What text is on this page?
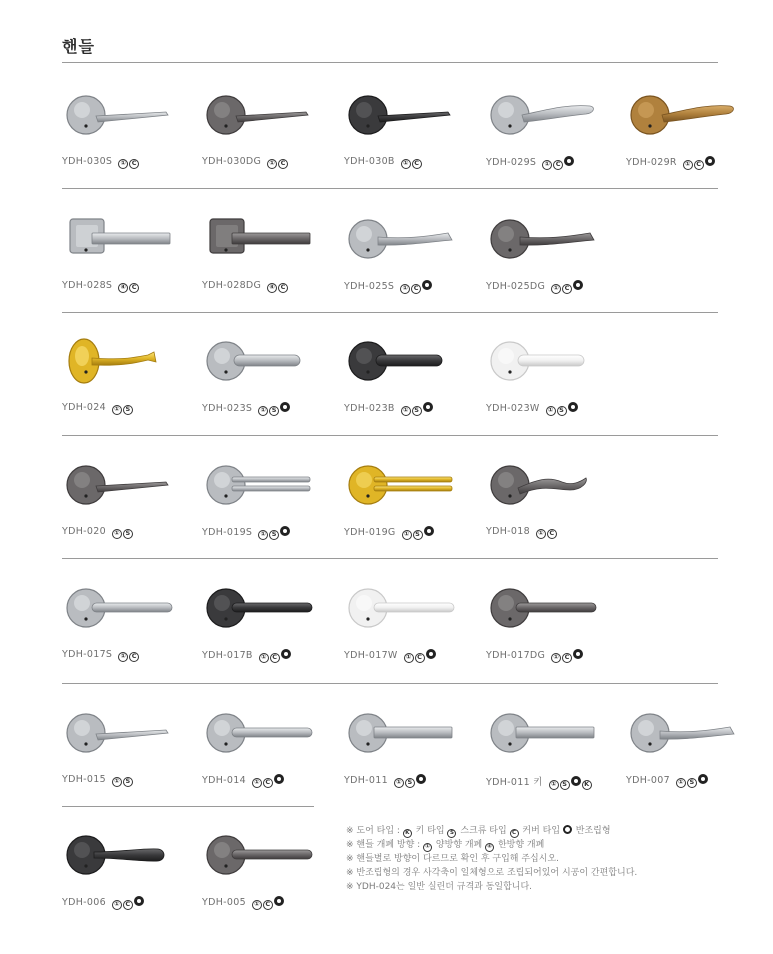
핸들
YDH-030S ① C	YDH-030DG ① C	YDH-030B ① C	YDH-029S ① C	YDH-029R ① C
YDH-028S ④ C	YDH-028DG ④ C	YDH-025S ① C	YDH-025DG ① C
YDH-024 ① S	YDH-023S ① S	YDH-023B ① S	YDH-023W ① S
YDH-020 ① S	YDH-019S ① S	YDH-019G ① S	YDH-018 ① C
YDH-017S ① C	YDH-017B ① C	YDH-017W ① C	YDH-017DG ① C
YDH-015 ① S	YDH-014 ① C	YDH-011 ① S	YDH-011 키 ① S	K	YDH-007 ① S
YDH-006 ① C	YDH-005 ① C
※ 도어 타입 : K 키 타입 S 스크류 타입 C 커버 타입  반조립형
※ 핸들 개폐 방향 : ① 양방향 개폐 ④ 한방향 개폐
※ 핸들별로 방향이 다르므로 확인 후 구입해 주십시오.
※ 반조립형의 경우 사각축이 일체형으로 조립되어있어 시공이 간편합니다.
※ YDH-024는 일반 실린더 규격과 동일합니다.
